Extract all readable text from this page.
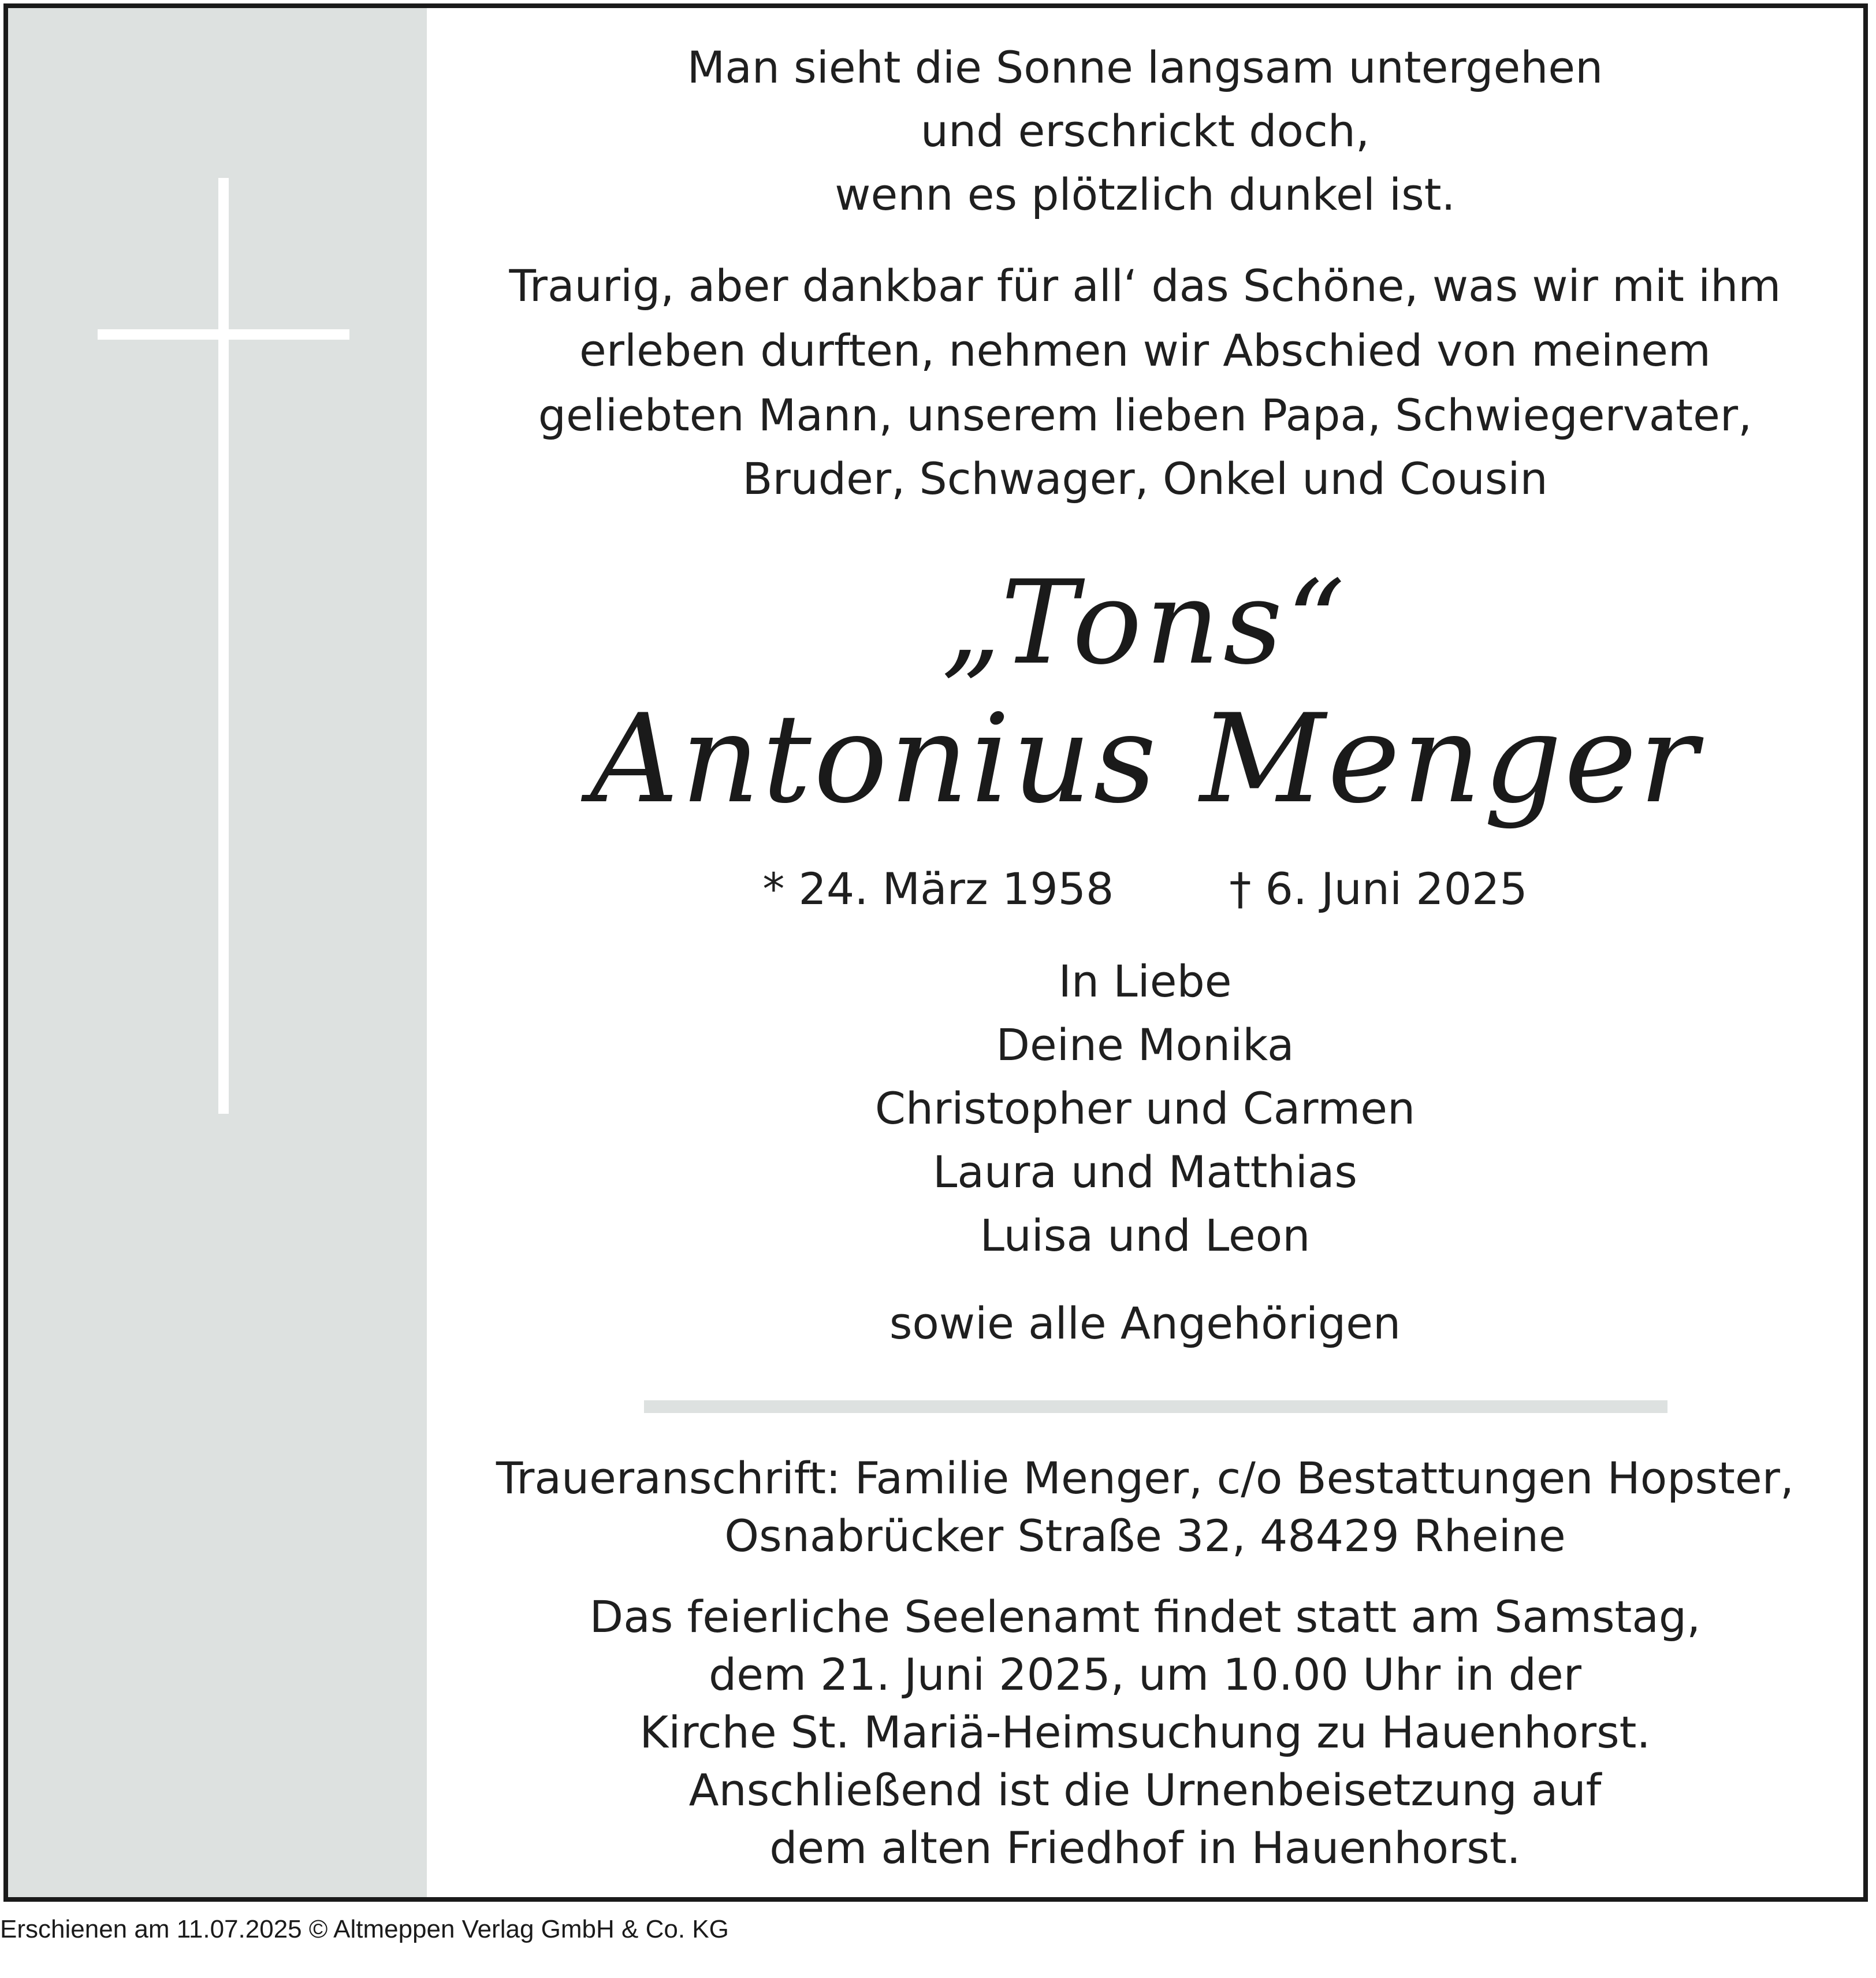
Man sieht die Sonne langsam untergehen
und erschrickt doch,
wenn es plötzlich dunkel ist.
Traurig, aber dankbar für all‘ das Schöne, was wir mit ihm
erleben durften, nehmen wir Abschied von meinem
geliebten Mann, unserem lieben Papa, Schwiegervater,
Bruder, Schwager, Onkel und Cousin
„Tons“
Antonius Menger
* 24. März 1958	† 6. Juni 2025
In Liebe
Deine Monika
Christopher und Carmen
Laura und Matthias
Luisa und Leon
sowie alle Angehörigen
Traueranschrift: Familie Menger, c/o Bestattungen Hopster,
Osnabrücker Straße 32, 48429 Rheine
Das feierliche Seelenamt findet statt am Samstag,
dem 21. Juni 2025, um 10.00 Uhr in der
Kirche St. Mariä-Heimsuchung zu Hauenhorst.
Anschließend ist die Urnenbeisetzung auf
dem alten Friedhof in Hauenhorst.
Erschienen am 11.07.2025 © Altmeppen Verlag GmbH & Co. KG
